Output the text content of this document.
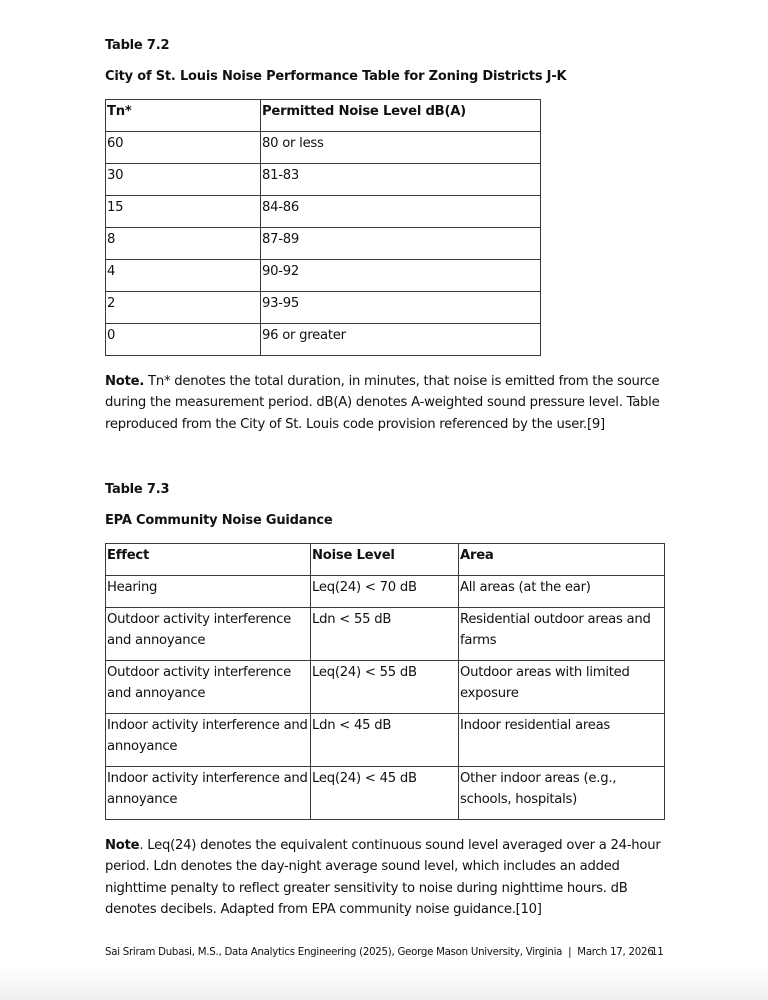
Table 7.2
City of St. Louis Noise Performance Table for Zoning Districts J-K
Tn*	Permitted Noise Level dB(A)
60	80 or less
30	81-83
15	84-86
8	87-89
4	90-92
2	93-95
0	96 or greater
Note. Tn* denotes the total duration, in minutes, that noise is emitted from the source during the measurement period. dB(A) denotes A-weighted sound pressure level. Table reproduced from the City of St. Louis code provision referenced by the user.[9]
Table 7.3
EPA Community Noise Guidance
Effect	Noise Level	Area
Hearing	Leq(24) < 70 dB	All areas (at the ear)
Outdoor activity interference and annoyance	Ldn < 55 dB	Residential outdoor areas and farms
Outdoor activity interference and annoyance	Leq(24) < 55 dB	Outdoor areas with limited exposure
Indoor activity interference and annoyance	Ldn < 45 dB	Indoor residential areas
Indoor activity interference and annoyance	Leq(24) < 45 dB	Other indoor areas (e.g., schools, hospitals)
Note. Leq(24) denotes the equivalent continuous sound level averaged over a 24-hour period. Ldn denotes the day-night average sound level, which includes an added nighttime penalty to reflect greater sensitivity to noise during nighttime hours. dB denotes decibels. Adapted from EPA community noise guidance.[10]
Sai Sriram Dubasi, M.S., Data Analytics Engineering (2025), George Mason University, Virginia  |  March 17, 2026
11
